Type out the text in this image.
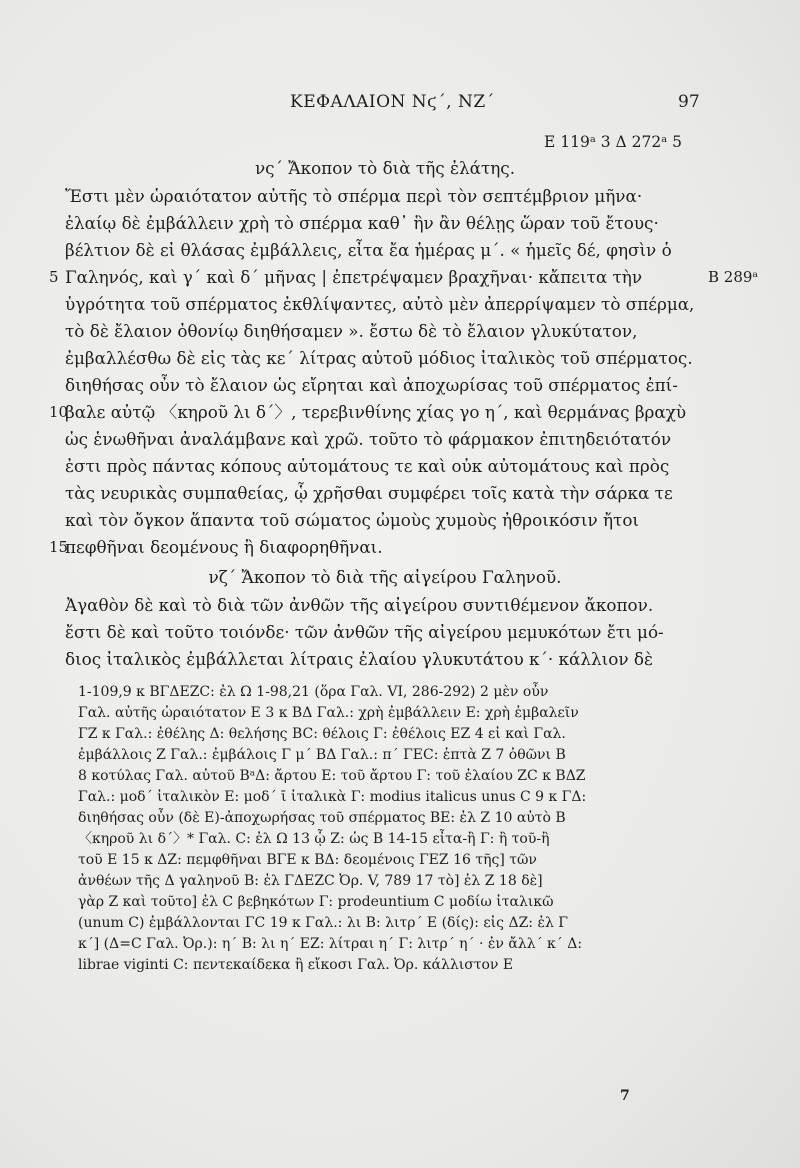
ΚΕΦΑΛΑΙΟΝ Νϛ΄, ΝΖ΄	97
E 119ᵃ 3 Δ 272ᵃ 5
νς΄ Ἄκοπον τὸ διὰ τῆς ἐλάτης.
Ἔστι μὲν ὡραιότατον αὐτῆς τὸ σπέρμα περὶ τὸν σεπτέμβριον μῆνα·
ἐλαίῳ δὲ ἐμβάλλειν χρὴ τὸ σπέρμα καθ᾽ ἣν ἂν θέλῃς ὥραν τοῦ ἔτους·
βέλτιον δὲ εἰ θλάσας ἐμβάλλεις, εἶτα ἔα ἡμέρας μ΄. « ἡμεῖς δέ, φησὶν ὁ
5 Γαληνός, καὶ γ΄ καὶ δ΄ μῆνας | ἐπετρέψαμεν βραχῆναι· κἄπειτα τὴν	B 289ᵃ
ὑγρότητα τοῦ σπέρματος ἐκθλίψαντες, αὐτὸ μὲν ἀπερρίψαμεν τὸ σπέρμα,
τὸ δὲ ἔλαιον ὀθονίῳ διηθήσαμεν ». ἔστω δὲ τὸ ἔλαιον γλυκύτατον,
ἐμβαλλέσθω δὲ εἰς τὰς κε΄ λίτρας αὐτοῦ μόδιος ἰταλικὸς τοῦ σπέρματος.
διηθήσας οὖν τὸ ἔλαιον ὡς εἴρηται καὶ ἀποχωρίσας τοῦ σπέρματος ἐπί-
10
βαλε αὐτῷ 〈κηροῦ λι δ΄〉, τερεβινθίνης χίας γο η΄, καὶ θερμάνας βραχὺ
ὡς ἑνωθῆναι ἀναλάμβανε καὶ χρῶ. τοῦτο τὸ φάρμακον ἐπιτηδειότατόν
ἐστι πρὸς πάντας κόπους αὐτομάτους τε καὶ οὐκ αὐτομάτους καὶ πρὸς
τὰς νευρικὰς συμπαθείας, ᾧ χρῆσθαι συμφέρει τοῖς κατὰ τὴν σάρκα τε
καὶ τὸν ὄγκον ἅπαντα τοῦ σώματος ὠμοὺς χυμοὺς ἠθροικόσιν ἤτοι
15
πεφθῆναι δεομένους ἢ διαφορηθῆναι.
νζ΄ Ἄκοπον τὸ διὰ τῆς αἰγείρου Γαληνοῦ.
Ἀγαθὸν δὲ καὶ τὸ διὰ τῶν ἀνθῶν τῆς αἰγείρου συντιθέμενον ἄκοπον.
ἔστι δὲ καὶ τοῦτο τοιόνδε· τῶν ἀνθῶν τῆς αἰγείρου μεμυκότων ἔτι μό-
διος ἰταλικὸς ἐμβάλλεται λίτραις ἐλαίου γλυκυτάτου κ΄· κάλλιον δὲ
1-109,9 κ ΒΓΔΕΖC: ἐλ Ω 1-98,21 (ὅρα Γαλ. VI, 286-292) 2 μὲν οὖν
Γαλ. αὐτῆς ὡραιότατον E 3 κ ΒΔ Γαλ.: χρὴ ἐμβάλλειν E: χρὴ ἐμβαλεῖν
ΓΖ κ Γαλ.: ἐθέλης Δ: θελήσης BC: θέλοις Γ: ἐθέλοις ΕΖ 4 εἰ καὶ Γαλ.
ἐμβάλλοις Ζ Γαλ.: ἐμβάλοις Γ μ΄ ΒΔ Γαλ.: π΄ ΓΕC: ἑπτὰ Ζ 7 ὀθῶνι B
8 κοτύλας Γαλ. αὐτοῦ BᵃΔ: ἄρτου E: τοῦ ἄρτου Γ: τοῦ ἐλαίου ZC κ ΒΔΖ
Γαλ.: μοδ΄ ἰταλικὸν E: μοδ΄ ῑ ἰταλικὰ Γ: modius italicus unus C 9 κ ΓΔ:
διηθήσας οὖν (δὲ E)-ἀποχωρήσας τοῦ σπέρματος BE: ἐλ Z 10 αὐτὸ B
〈κηροῦ λι δ΄〉* Γαλ. C: ἐλ Ω 13 ᾧ Z: ὡς B 14-15 εἶτα-ἢ Γ: ἢ τοῦ-ἢ
τοῦ E 15 κ ΔΖ: πεμφθῆναι ΒΓΕ κ ΒΔ: δεομένοις ΓΕΖ 16 τῆς] τῶν
ἀνθέων τῆς Δ γαληνοῦ B: ἐλ ΓΔΕΖC Ὀρ. V, 789 17 τὸ] ἐλ Z 18 δὲ]
γὰρ Z καὶ τοῦτο] ἐλ C βεβηκότων Γ: prodeuntium C μοδίω ἰταλικῶ
(unum C) ἐμβάλλονται ΓC 19 κ Γαλ.: λι B: λιτρ΄ E (δίς): εἰς ΔΖ: ἐλ Γ
κ΄] (Δ=C Γαλ. Ὀρ.): η΄ B: λι η΄ EZ: λίτραι η΄ Γ: λιτρ΄ η΄ · ἐν ἄλλ΄ κ΄ Δ:
librae viginti C: πεντεκαίδεκα ἢ εἴκοσι Γαλ. Ὀρ. κάλλιστον E
7
